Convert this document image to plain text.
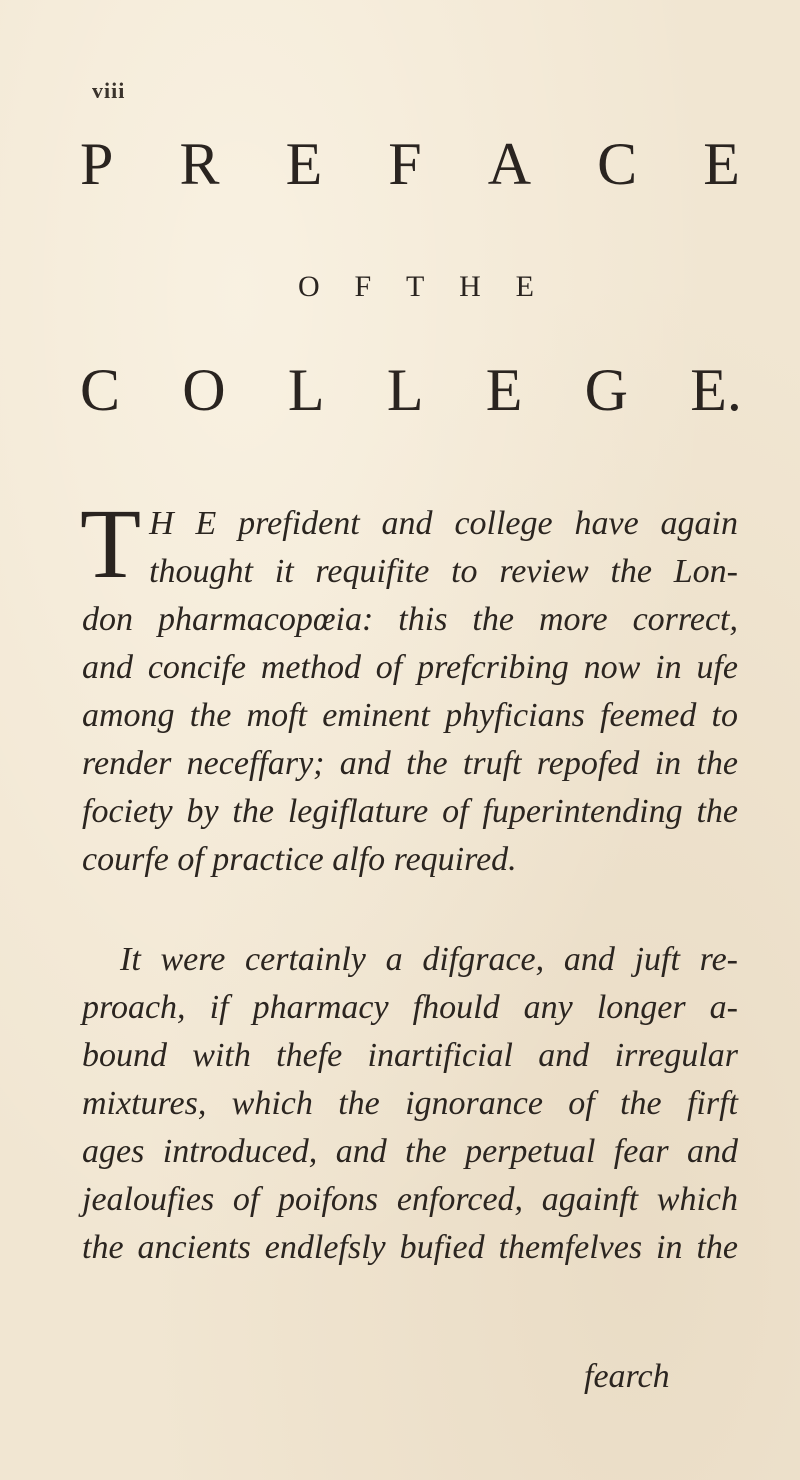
viii
P R E F A C E
O F T H E
C O L L E G E.
T H E prefident and college have again
thought it requifite to review the Lon-
don pharmacopœia: this the more correct,
and concife method of prefcribing now in ufe
among the moft eminent phyficians feemed to
render neceffary; and the truft repofed in the
fociety by the legiflature of fuperintending the
courfe of practice alfo required.
It were certainly a difgrace, and juft re-
proach, if pharmacy fhould any longer a-
bound with thefe inartificial and irregular
mixtures, which the ignorance of the firft
ages introduced, and the perpetual fear and
jealoufies of poifons enforced, againft which
the ancients endlefsly bufied themfelves in the
fearch
